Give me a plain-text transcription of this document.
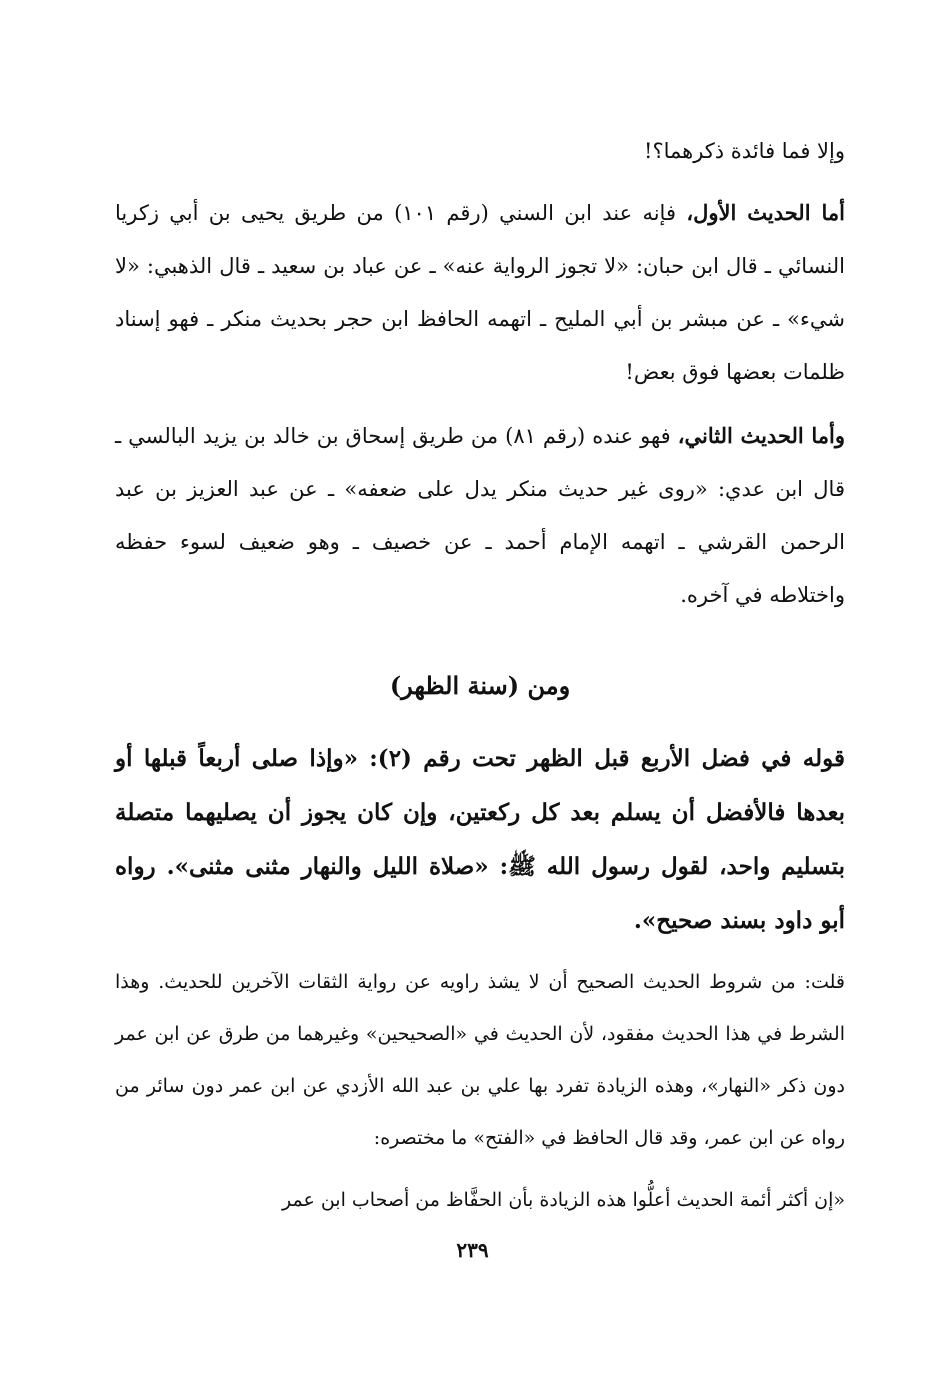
وإلا فما فائدة ذكرهما؟!

أما الحديث الأول، فإنه عند ابن السني (رقم ١٠١) من طريق يحيى بن أبي زكريا النسائي ـ قال ابن حبان: «لا تجوز الرواية عنه» ـ عن عباد بن سعيد ـ قال الذهبي: «لا شيء» ـ عن مبشر بن أبي المليح ـ اتهمه الحافظ ابن حجر بحديث منكر ـ فهو إسناد ظلمات بعضها فوق بعض!

وأما الحديث الثاني، فهو عنده (رقم ٨١) من طريق إسحاق بن خالد بن يزيد البالسي ـ قال ابن عدي: «روى غير حديث منكر يدل على ضعفه» ـ عن عبد العزيز بن عبد الرحمن القرشي ـ اتهمه الإمام أحمد ـ عن خصيف ـ وهو ضعيف لسوء حفظه واختلاطه في آخره.

ومن (سنة الظهر)

قوله في فضل الأربع قبل الظهر تحت رقم (٢): «وإذا صلى أربعاً قبلها أو بعدها فالأفضل أن يسلم بعد كل ركعتين، وإن كان يجوز أن يصليهما متصلة بتسليم واحد، لقول رسول الله ﷺ: «صلاة الليل والنهار مثنى مثنى». رواه أبو داود بسند صحيح».

قلت: من شروط الحديث الصحيح أن لا يشذ راويه عن رواية الثقات الآخرين للحديث. وهذا الشرط في هذا الحديث مفقود، لأن الحديث في «الصحيحين» وغيرهما من طرق عن ابن عمر دون ذكر «النهار»، وهذه الزيادة تفرد بها علي بن عبد الله الأزدي عن ابن عمر دون سائر من رواه عن ابن عمر، وقد قال الحافظ في «الفتح» ما مختصره:

«إن أكثر أئمة الحديث أعلُّوا هذه الزيادة بأن الحفَّاظ من أصحاب ابن عمر

٢٣٩
